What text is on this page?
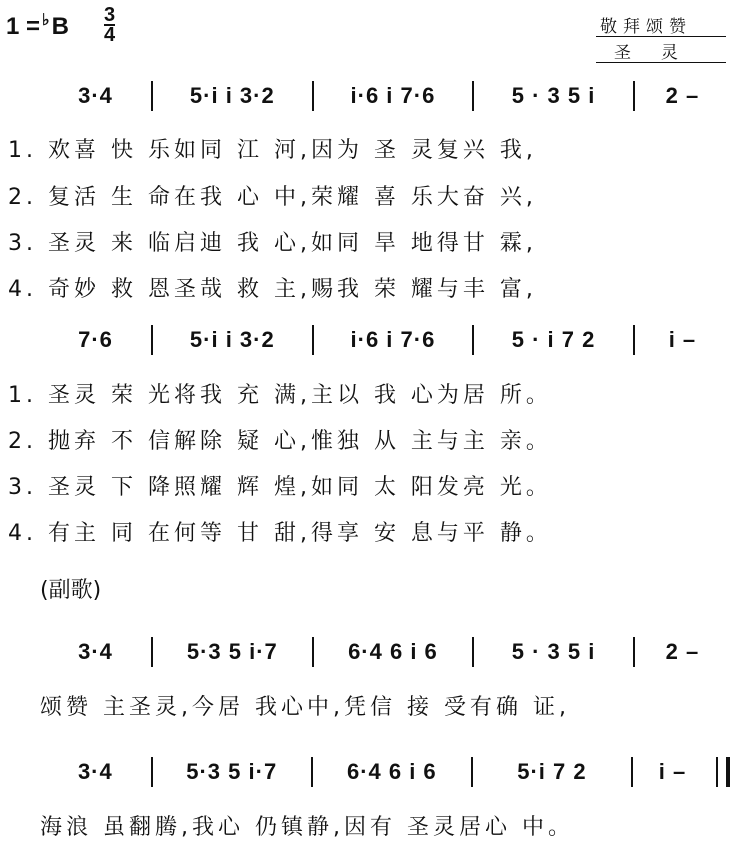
1 = ♭B 3
4	敬拜颂赞
圣灵
3·4	5·i i 3·2	i·6 i 7·6	5 · 3 5 i	2 –
1. 欢喜 快 乐如同 江 河,因为 圣 灵复兴 我,
2. 复活 生 命在我 心 中,荣耀 喜 乐大奋 兴,
3. 圣灵 来 临启迪 我 心,如同 旱 地得甘 霖,
4. 奇妙 救 恩圣哉 救 主,赐我 荣 耀与丰 富,
7·6	5·i i 3·2	i·6 i 7·6	5 · i 7 2	i –
1. 圣灵 荣 光将我 充 满,主以 我 心为居 所。
2. 抛弃 不 信解除 疑 心,惟独 从 主与主 亲。
3. 圣灵 下 降照耀 辉 煌,如同 太 阳发亮 光。
4. 有主 同 在何等 甘 甜,得享 安 息与平 静。
(副歌)
3·4	5·3 5 i·7	6·4 6 i 6	5 · 3 5 i	2 –
颂赞 主圣灵,今居 我心中,凭信 接 受有确 证,
3·4	5·3 5 i·7	6·4 6 i 6	5·i 7 2	i –
海浪 虽翻腾,我心 仍镇静,因有 圣灵居心 中。
